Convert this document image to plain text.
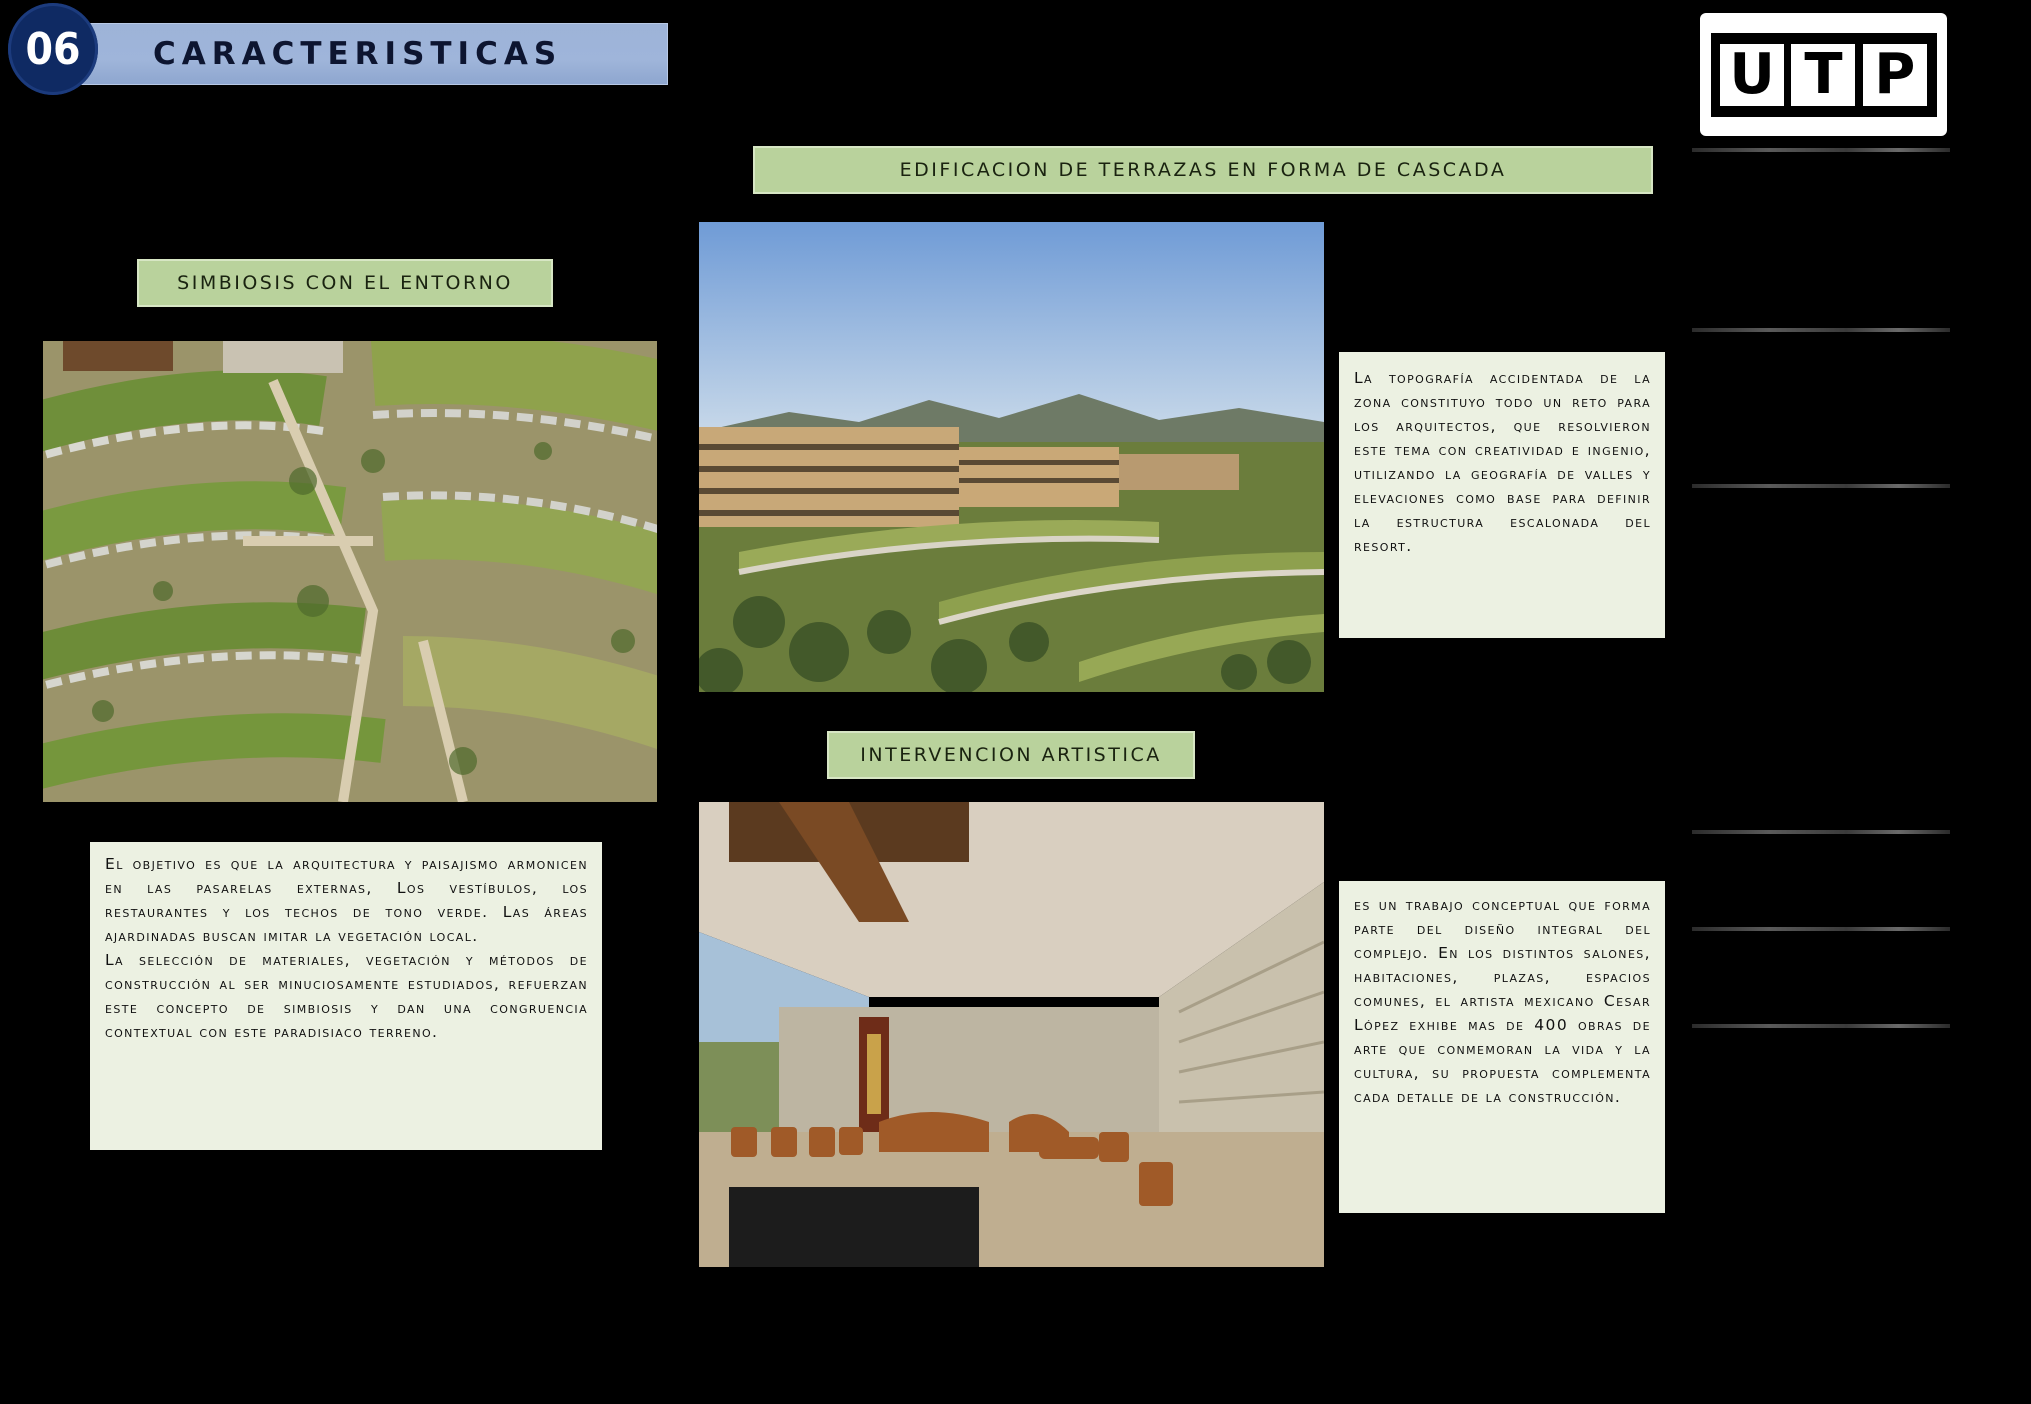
CARACTERISTICAS
06	U T P
EDIFICACION DE TERRAZAS EN FORMA DE CASCADA
SIMBIOSIS CON EL ENTORNO
INTERVENCION ARTISTICA

La topografía accidentada de la zona constituyo todo un reto para los arquitectos, que resolvieron este tema con creatividad e ingenio, utilizando la geografía de valles y elevaciones como base para definir la estructura escalonada del resort.

El objetivo es que la arquitectura y paisajismo armonicen en las pasarelas externas, Los vestíbulos, los restaurantes y los techos de tono verde. Las áreas ajardinadas buscan imitar la vegetación local.

La selección de materiales, vegetación y métodos de construcción al ser minuciosamente estudiados, refuerzan este concepto de simbiosis y dan una congruencia contextual con este paradisiaco terreno.

es un trabajo conceptual que forma parte del diseño integral del complejo. En los distintos salones, habitaciones, plazas, espacios comunes, el artista mexicano Cesar López exhibe mas de 400 obras de arte que conmemoran la vida y la cultura, su propuesta complementa cada detalle de la construcción.
